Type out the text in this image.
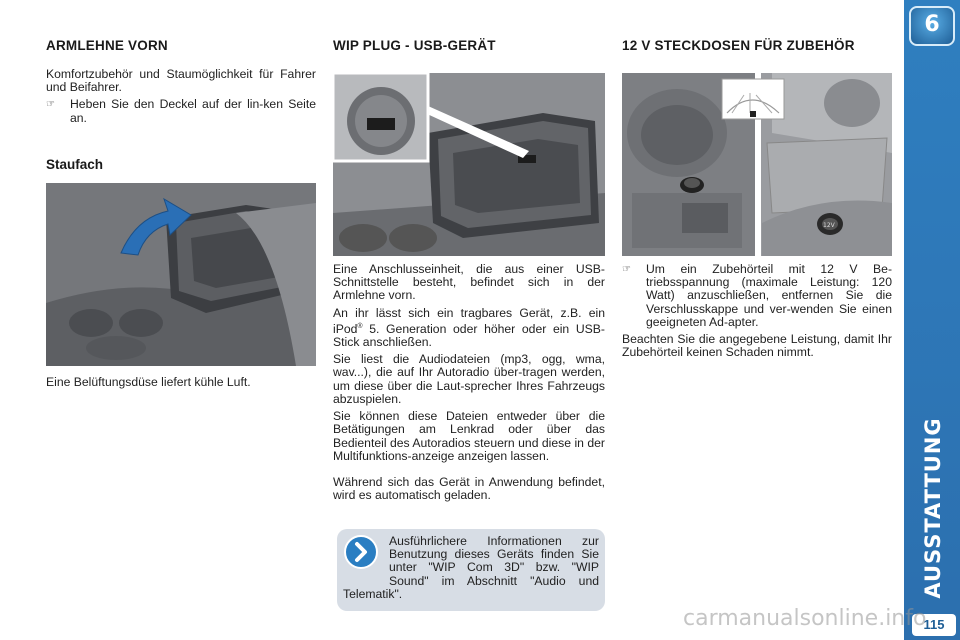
6
AUSSTATTUNG
115
ARMLEHNE VORN

Komfortzubehör und Staumöglichkeit für Fahrer und Beifahrer.

☞	Heben Sie den Deckel auf der lin-ken Seite an.
Staufach

Eine Belüftungsdüse liefert kühle Luft.

WIP PLUG - USB-GERÄT

Eine Anschlusseinheit, die aus einer USB-Schnittstelle besteht, befindet sich in der Armlehne vorn.

An ihr lässt sich ein tragbares Gerät, z.B. ein iPod® 5. Generation oder höher oder ein USB-Stick anschließen.

Sie liest die Audiodateien (mp3, ogg, wma, wav...), die auf Ihr Autoradio über-tragen werden, um diese über die Laut-sprecher Ihres Fahrzeugs abzuspielen.

Sie können diese Dateien entweder über die Betätigungen am Lenkrad oder über das Bedienteil des Autoradios steuern und diese in der Multifunktions-anzeige anzeigen lassen.

Während sich das Gerät in Anwendung befindet, wird es automatisch geladen.

Ausführlichere Informationen zur Benutzung dieses Geräts finden Sie unter "WIP Com 3D" bzw. "WIP Sound" im Abschnitt "Audio und Telematik".

12 V STECKDOSEN FÜR ZUBEHÖR
12V
☞	Um ein Zubehörteil mit 12 V Be-triebsspannung (maximale Leistung: 120 Watt) anzuschließen, entfernen Sie die Verschlusskappe und ver-wenden Sie einen geeigneten Ad-apter.

Beachten Sie die angegebene Leistung, damit Ihr Zubehörteil keinen Schaden nimmt.

carmanualsonline.info
